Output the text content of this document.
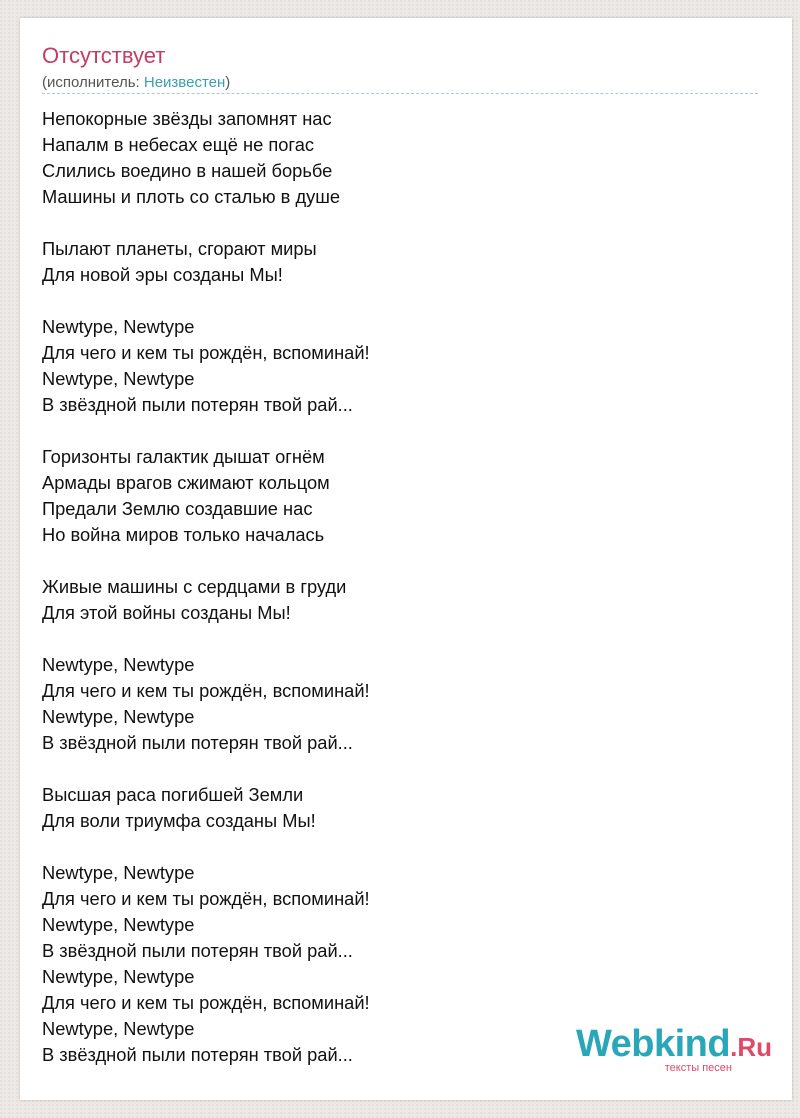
Отсутствует
(исполнитель: Неизвестен)
Непокорные звёзды запомнят нас
Напалм в небесах ещё не погас
Слились воедино в нашей борьбе
Машины и плоть со сталью в душе
Пылают планеты, сгорают миры
Для новой эры созданы Мы!
Newtype, Newtype
Для чего и кем ты рождён, вспоминай!
Newtype, Newtype
В звёздной пыли потерян твой рай...
Горизонты галактик дышат огнём
Армады врагов сжимают кольцом
Предали Землю создавшие нас
Но война миров только началась
Живые машины с сердцами в груди
Для этой войны созданы Мы!
Newtype, Newtype
Для чего и кем ты рождён, вспоминай!
Newtype, Newtype
В звёздной пыли потерян твой рай...
Высшая раса погибшей Земли
Для воли триумфа созданы Мы!
Newtype, Newtype
Для чего и кем ты рождён, вспоминай!
Newtype, Newtype
В звёздной пыли потерян твой рай...
Newtype, Newtype
Для чего и кем ты рождён, вспоминай!
Newtype, Newtype
В звёздной пыли потерян твой рай...	Webkind.Ru
тексты песен
